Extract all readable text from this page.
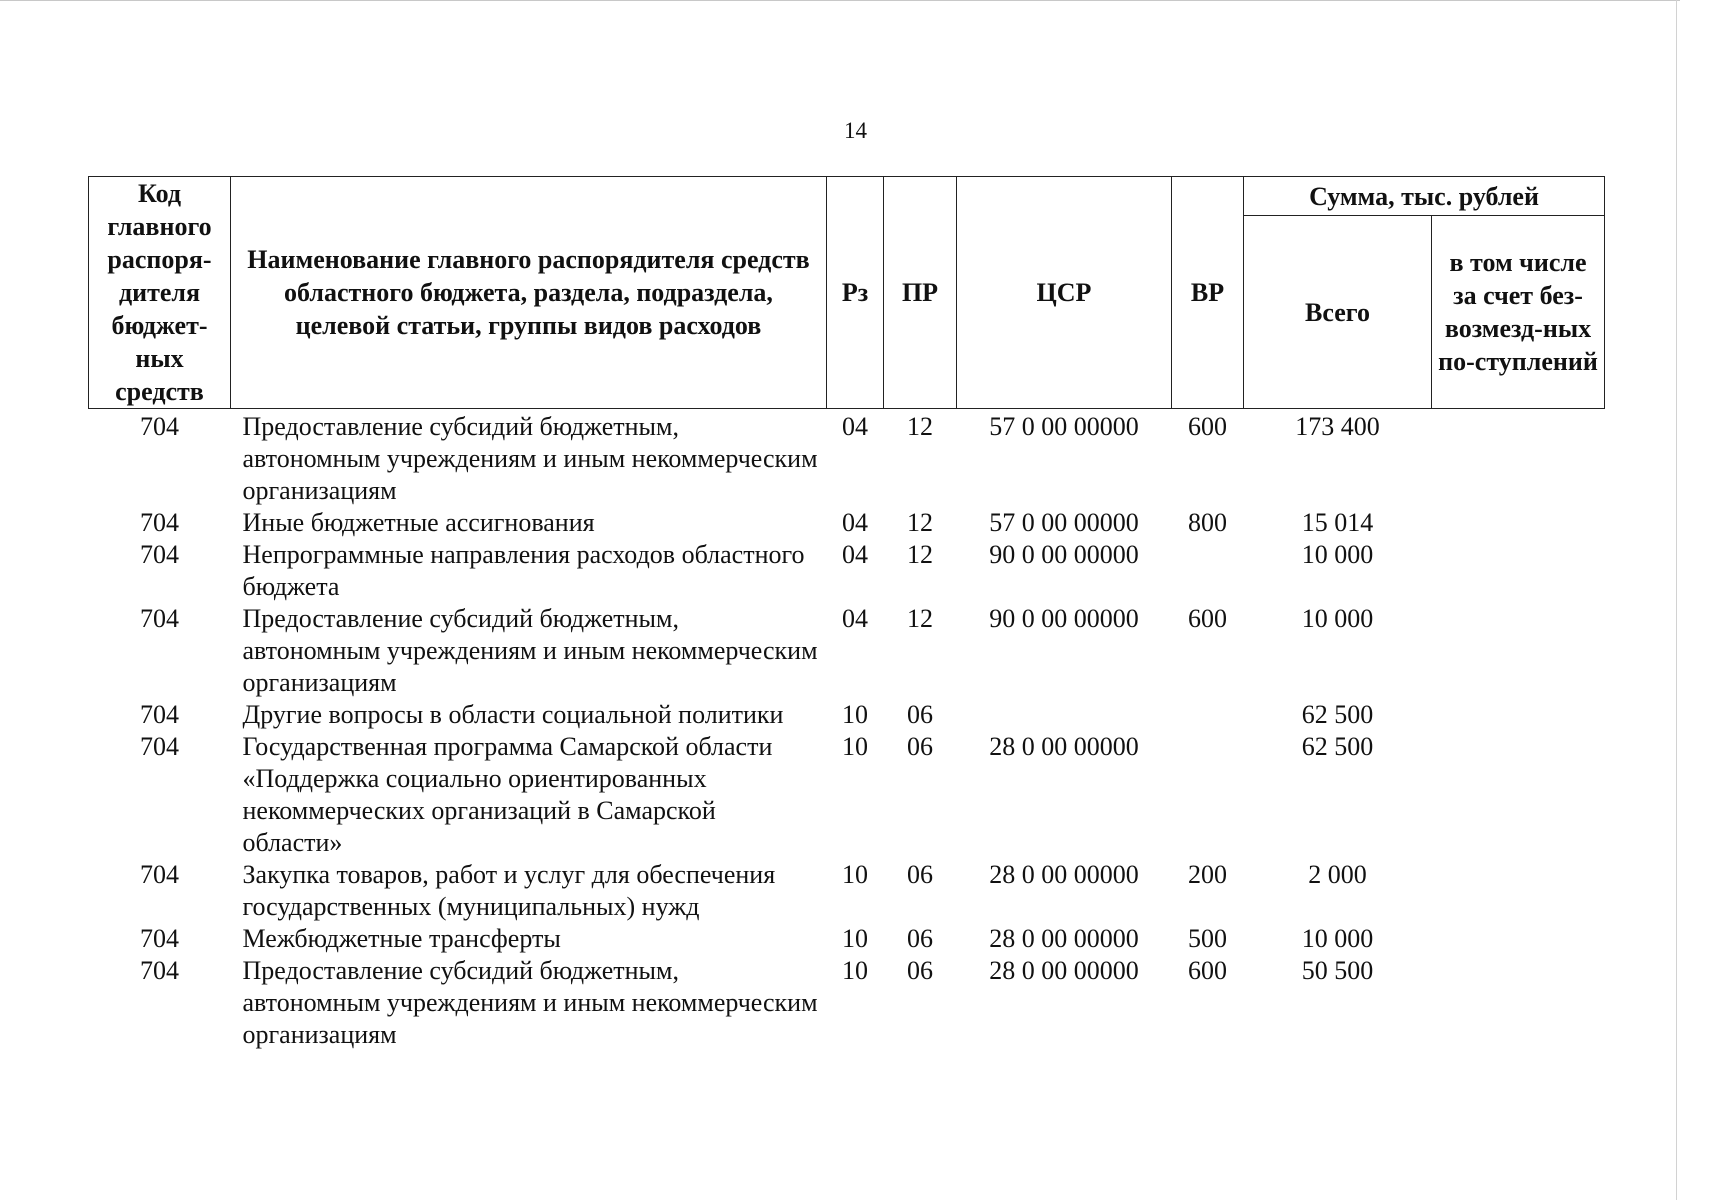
14
Код главного распоря-дителя бюджет-ных средств	Наименование главного распорядителя средств областного бюджета, раздела, подраздела, целевой статьи, группы видов расходов	Рз	ПР	ЦСР	ВР	Сумма, тыс. рублей	
						Всего	в том числе за счет без-возмезд-ных по-ступлений
704	Предоставление субсидий бюджетным, автономным учреждениям и иным некоммерческим организациям	04	12	57 0 00 00000	600	173 400	
704	Иные бюджетные ассигнования	04	12	57 0 00 00000	800	15 014	
704	Непрограммные направления расходов областного бюджета	04	12	90 0 00 00000		10 000	
704	Предоставление субсидий бюджетным, автономным учреждениям и иным некоммерческим организациям	04	12	90 0 00 00000	600	10 000	
704	Другие вопросы в области социальной политики	10	06			62 500	
704	Государственная программа Самарской области «Поддержка социально ориентированных некоммерческих организаций в Самарской области»	10	06	28 0 00 00000		62 500	
704	Закупка товаров, работ и услуг для обеспечения государственных (муниципальных) нужд	10	06	28 0 00 00000	200	2 000	
704	Межбюджетные трансферты	10	06	28 0 00 00000	500	10 000	
704	Предоставление субсидий бюджетным, автономным учреждениям и иным некоммерческим организациям	10	06	28 0 00 00000	600	50 500	
